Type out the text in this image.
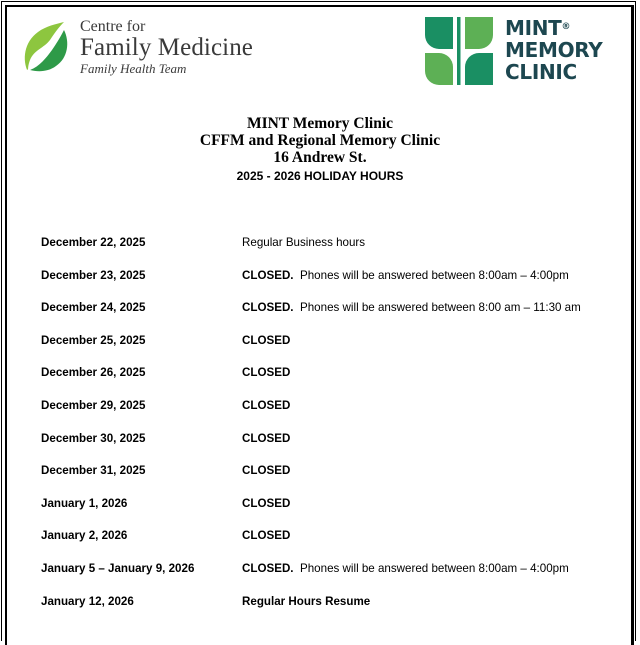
Centre for
Family Medicine
Family Health Team
MINT®
MEMORY
CLINIC
MINT Memory Clinic
CFFM and Regional Memory Clinic
16 Andrew St.
2025 - 2026 HOLIDAY HOURS
December 22, 2025	Regular Business hours
December 23, 2025	CLOSED. Phones will be answered between 8:00am – 4:00pm
December 24, 2025	CLOSED. Phones will be answered between 8:00 am – 11:30 am
December 25, 2025	CLOSED
December 26, 2025	CLOSED
December 29, 2025	CLOSED
December 30, 2025	CLOSED
December 31, 2025	CLOSED
January 1, 2026	CLOSED
January 2, 2026	CLOSED
January 5 – January 9, 2026	CLOSED. Phones will be answered between 8:00am – 4:00pm
January 12, 2026	Regular Hours Resume
